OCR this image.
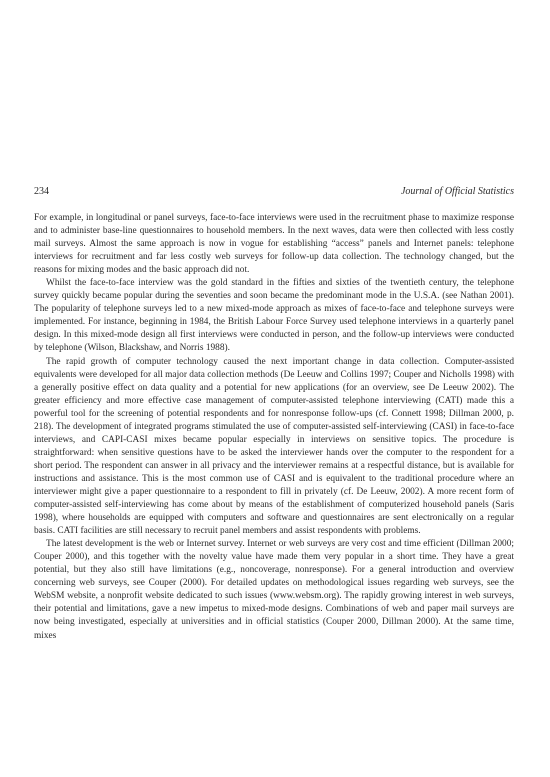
234	Journal of Official Statistics

For example, in longitudinal or panel surveys, face-to-face interviews were used in the recruitment phase to maximize response and to administer base-line questionnaires to household members. In the next waves, data were then collected with less costly mail surveys. Almost the same approach is now in vogue for establishing “access” panels and Internet panels: telephone interviews for recruitment and far less costly web surveys for follow-up data collection. The technology changed, but the reasons for mixing modes and the basic approach did not.

Whilst the face-to-face interview was the gold standard in the fifties and sixties of the twentieth century, the telephone survey quickly became popular during the seventies and soon became the predominant mode in the U.S.A. (see Nathan 2001). The popularity of telephone surveys led to a new mixed-mode approach as mixes of face-to-face and telephone surveys were implemented. For instance, beginning in 1984, the British Labour Force Survey used telephone interviews in a quarterly panel design. In this mixed-mode design all first interviews were conducted in person, and the follow-up interviews were conducted by telephone (Wilson, Blackshaw, and Norris 1988).

The rapid growth of computer technology caused the next important change in data collection. Computer-assisted equivalents were developed for all major data collection methods (De Leeuw and Collins 1997; Couper and Nicholls 1998) with a generally positive effect on data quality and a potential for new applications (for an overview, see De Leeuw 2002). The greater efficiency and more effective case management of computer-assisted telephone interviewing (CATI) made this a powerful tool for the screening of potential respondents and for nonresponse follow-ups (cf. Connett 1998; Dillman 2000, p. 218). The development of integrated programs stimulated the use of computer-assisted self-interviewing (CASI) in face-to-face interviews, and CAPI-CASI mixes became popular especially in interviews on sensitive topics. The procedure is straightforward: when sensitive questions have to be asked the interviewer hands over the computer to the respondent for a short period. The respondent can answer in all privacy and the interviewer remains at a respectful distance, but is available for instructions and assistance. This is the most common use of CASI and is equivalent to the traditional procedure where an interviewer might give a paper questionnaire to a respondent to fill in privately (cf. De Leeuw, 2002). A more recent form of computer-assisted self-interviewing has come about by means of the establishment of computerized household panels (Saris 1998), where households are equipped with computers and software and questionnaires are sent electronically on a regular basis. CATI facilities are still necessary to recruit panel members and assist respondents with problems.

The latest development is the web or Internet survey. Internet or web surveys are very cost and time efficient (Dillman 2000; Couper 2000), and this together with the novelty value have made them very popular in a short time. They have a great potential, but they also still have limitations (e.g., noncoverage, nonresponse). For a general introduction and overview concerning web surveys, see Couper (2000). For detailed updates on methodological issues regarding web surveys, see the WebSM website, a nonprofit website dedicated to such issues (www.websm.org). The rapidly growing interest in web surveys, their potential and limitations, gave a new impetus to mixed-mode designs. Combinations of web and paper mail surveys are now being investigated, especially at universities and in official statistics (Couper 2000, Dillman 2000). At the same time, mixes
